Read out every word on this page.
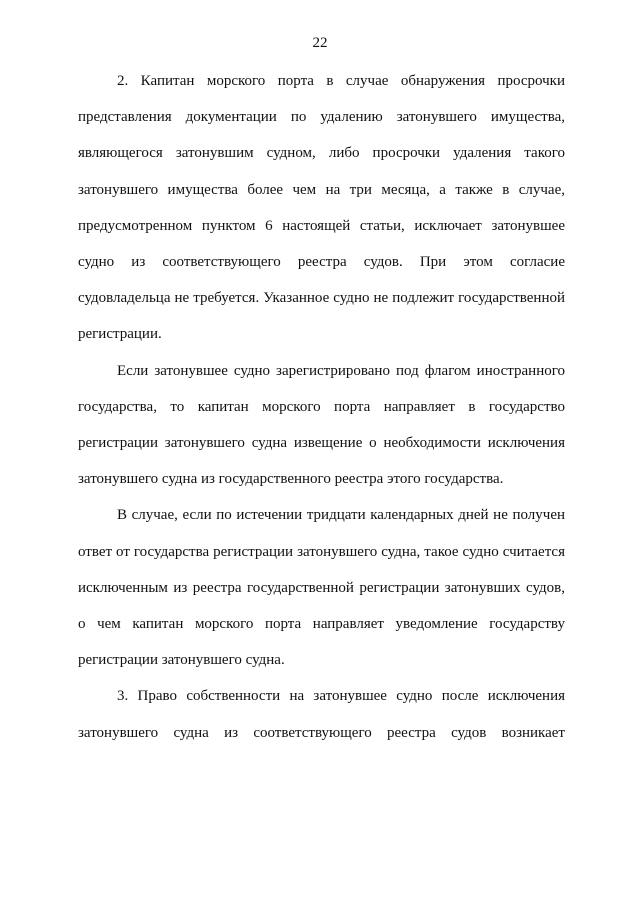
22

2. Капитан морского порта в случае обнаружения просрочки представления документации по удалению затонувшего имущества, являющегося затонувшим судном, либо просрочки удаления такого затонувшего имущества более чем на три месяца, а также в случае, предусмотренном пунктом 6 настоящей статьи, исключает затонувшее судно из соответствующего реестра судов. При этом согласие судовладельца не требуется. Указанное судно не подлежит государственной регистрации.

Если затонувшее судно зарегистрировано под флагом иностранного государства, то капитан морского порта направляет в государство регистрации затонувшего судна извещение о необходимости исключения затонувшего судна из государственного реестра этого государства.

В случае, если по истечении тридцати календарных дней не получен ответ от государства регистрации затонувшего судна, такое судно считается исключенным из реестра государственной регистрации затонувших судов, о чем капитан морского порта направляет уведомление государству регистрации затонувшего судна.

3. Право собственности на затонувшее судно после исключения затонувшего судна из соответствующего реестра судов возникает
